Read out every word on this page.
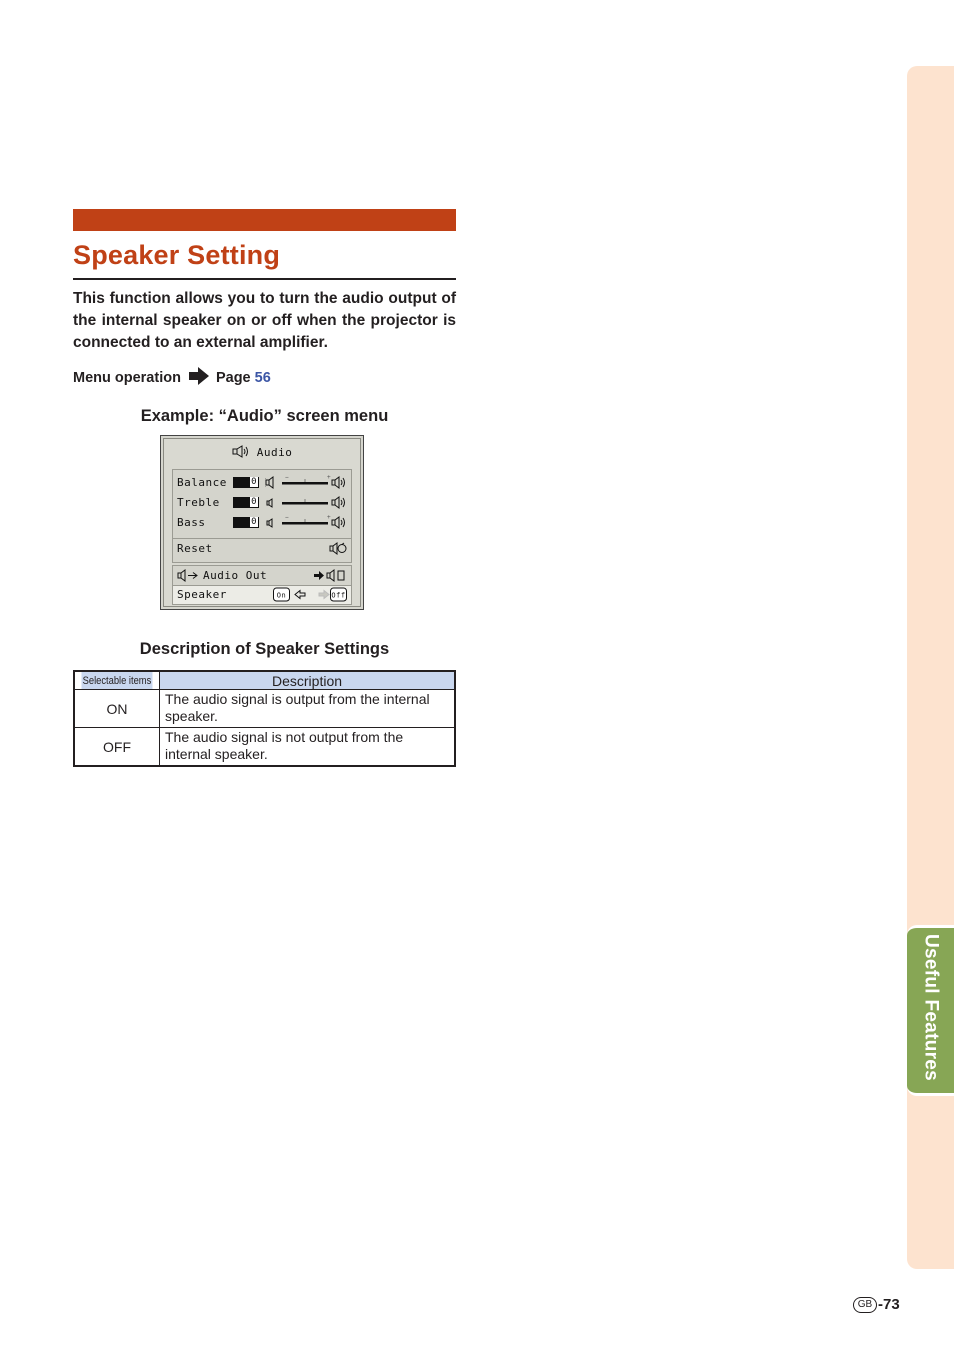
Useful Features
Speaker Setting

This function allows you to turn the audio output of the internal speaker on or off when the projector is connected to an external amplifier.

Menu operation Page 56
Example: “Audio” screen menu
Audio
Balance	0	−	+
Treble	0
Bass	0	−	+
Reset
Audio Out
Speaker	On	Off
Description of Speaker Settings
Selectable items	Description
ON	The audio signal is output from the internal speaker.
OFF	The audio signal is not output from the internal speaker.
GB -73
